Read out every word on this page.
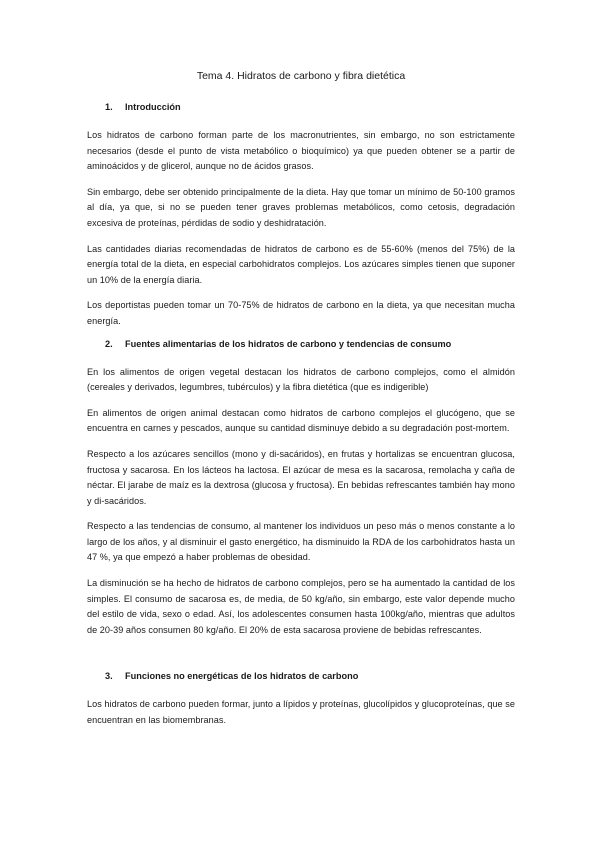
Tema 4. Hidratos de carbono y fibra dietética
1. Introducción

Los hidratos de carbono forman parte de los macronutrientes, sin embargo, no son estrictamente necesarios (desde el punto de vista metabólico o bioquímico) ya que pueden obtener se a partir de aminoácidos y de glicerol, aunque no de ácidos grasos.

Sin embargo, debe ser obtenido principalmente de la dieta. Hay que tomar un mínimo de 50-100 gramos al día, ya que, si no se pueden tener graves problemas metabólicos, como cetosis, degradación excesiva de proteínas, pérdidas de sodio y deshidratación.

Las cantidades diarias recomendadas de hidratos de carbono es de 55-60% (menos del 75%) de la energía total de la dieta, en especial carbohidratos complejos. Los azúcares simples tienen que suponer un 10% de la energía diaria.

Los deportistas pueden tomar un 70-75% de hidratos de carbono en la dieta, ya que necesitan mucha energía.

2. Fuentes alimentarias de los hidratos de carbono y tendencias de consumo

En los alimentos de origen vegetal destacan los hidratos de carbono complejos, como el almidón (cereales y derivados, legumbres, tubérculos) y la fibra dietética (que es indigerible)

En alimentos de origen animal destacan como hidratos de carbono complejos el glucógeno, que se encuentra en carnes y pescados, aunque su cantidad disminuye debido a su degradación post-mortem.

Respecto a los azúcares sencillos (mono y di-sacáridos), en frutas y hortalizas se encuentran glucosa, fructosa y sacarosa. En los lácteos ha lactosa. El azúcar de mesa es la sacarosa, remolacha y caña de néctar. El jarabe de maíz es la dextrosa (glucosa y fructosa). En bebidas refrescantes también hay mono y di-sacáridos.

Respecto a las tendencias de consumo, al mantener los individuos un peso más o menos constante a lo largo de los años, y al disminuir el gasto energético, ha disminuido la RDA de los carbohidratos hasta un 47 %, ya que empezó a haber problemas de obesidad.

La disminución se ha hecho de hidratos de carbono complejos, pero se ha aumentado la cantidad de los simples. El consumo de sacarosa es, de media, de 50 kg/año, sin embargo, este valor depende mucho del estilo de vida, sexo o edad. Así, los adolescentes consumen hasta 100kg/año, mientras que adultos de 20-39 años consumen 80 kg/año. El 20% de esta sacarosa proviene de bebidas refrescantes.

3. Funciones no energéticas de los hidratos de carbono

Los hidratos de carbono pueden formar, junto a lípidos y proteínas, glucolípidos y glucoproteínas, que se encuentran en las biomembranas.
